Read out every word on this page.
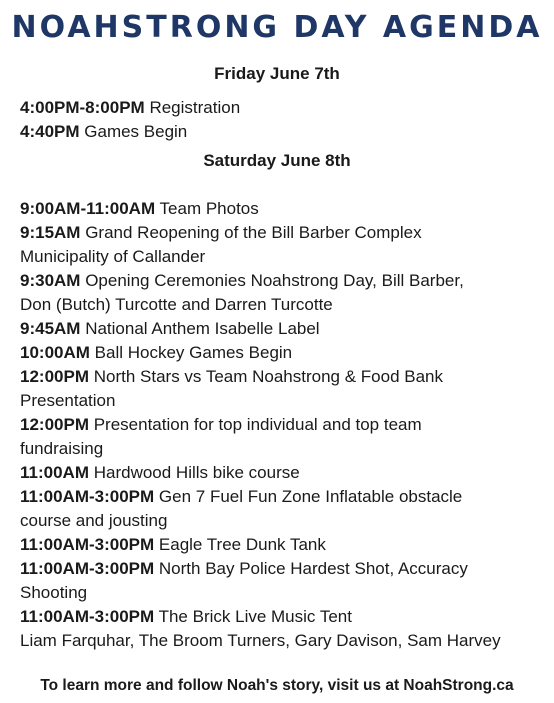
NOAHSTRONG DAY AGENDA
Friday June 7th
4:00PM-8:00PM Registration
4:40PM Games Begin
Saturday June 8th
9:00AM-11:00AM Team Photos
9:15AM Grand Reopening of the Bill Barber Complex
Municipality of Callander
9:30AM Opening Ceremonies Noahstrong Day, Bill Barber,
Don (Butch) Turcotte and Darren Turcotte
9:45AM National Anthem Isabelle Label
10:00AM Ball Hockey Games Begin
12:00PM North Stars vs Team Noahstrong & Food Bank
Presentation
12:00PM Presentation for top individual and top team
fundraising
11:00AM Hardwood Hills bike course
11:00AM-3:00PM Gen 7 Fuel Fun Zone Inflatable obstacle
course and jousting
11:00AM-3:00PM Eagle Tree Dunk Tank
11:00AM-3:00PM North Bay Police Hardest Shot, Accuracy
Shooting
11:00AM-3:00PM The Brick Live Music Tent
Liam Farquhar, The Broom Turners, Gary Davison, Sam Harvey
To learn more and follow Noah's story, visit us at NoahStrong.ca
